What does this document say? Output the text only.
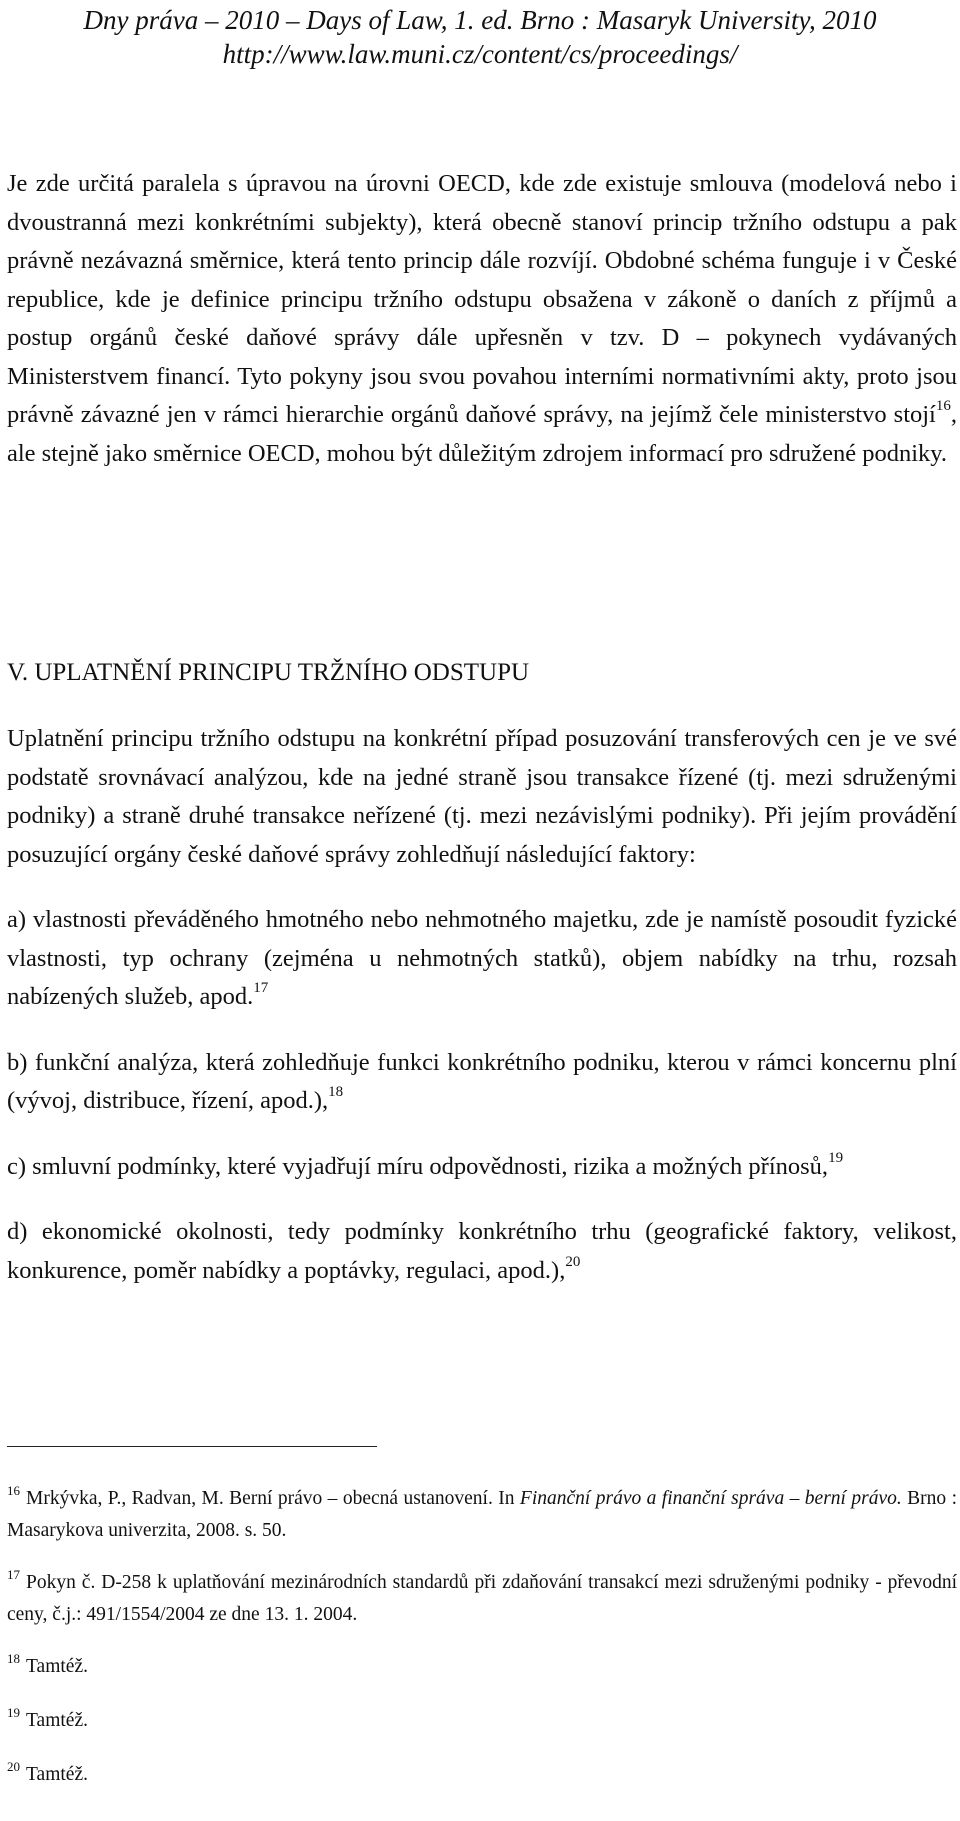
Dny práva – 2010 – Days of Law, 1. ed. Brno : Masaryk University, 2010
http://www.law.muni.cz/content/cs/proceedings/

Je zde určitá paralela s úpravou na úrovni OECD, kde zde existuje smlouva (modelová nebo i dvoustranná mezi konkrétními subjekty), která obecně stanoví princip tržního odstupu a pak právně nezávazná směrnice, která tento princip dále rozvíjí. Obdobné schéma funguje i v České republice, kde je definice principu tržního odstupu obsažena v zákoně o daních z příjmů a postup orgánů české daňové správy dále upřesněn v tzv. D – pokynech vydávaných Ministerstvem financí. Tyto pokyny jsou svou povahou interními normativními akty, proto jsou právně závazné jen v rámci hierarchie orgánů daňové správy, na jejímž čele ministerstvo stojí$^{16}$, ale stejně jako směrnice OECD, mohou být důležitým zdrojem informací pro sdružené podniky.

V. UPLATNĚNÍ PRINCIPU TRŽNÍHO ODSTUPU

Uplatnění principu tržního odstupu na konkrétní případ posuzování transferových cen je ve své podstatě srovnávací analýzou, kde na jedné straně jsou transakce řízené (tj. mezi sdruženými podniky) a straně druhé transakce neřízené (tj. mezi nezávislými podniky). Při jejím provádění posuzující orgány české daňové správy zohledňují následující faktory:

a) vlastnosti převáděného hmotného nebo nehmotného majetku, zde je namístě posoudit fyzické vlastnosti, typ ochrany (zejména u nehmotných statků), objem nabídky na trhu, rozsah nabízených služeb, apod.$^{17}$

b) funkční analýza, která zohledňuje funkci konkrétního podniku, kterou v rámci koncernu plní (vývoj, distribuce, řízení, apod.),$^{18}$

c) smluvní podmínky, které vyjadřují míru odpovědnosti, rizika a možných přínosů,$^{19}$

d) ekonomické okolnosti, tedy podmínky konkrétního trhu (geografické faktory, velikost, konkurence, poměr nabídky a poptávky, regulaci, apod.),$^{20}$

$^{16}$ Mrkývka, P., Radvan, M. Berní právo – obecná ustanovení. In Finanční právo a finanční správa – berní právo. Brno : Masarykova univerzita, 2008. s. 50.

$^{17}$ Pokyn č. D-258 k uplatňování mezinárodních standardů při zdaňování transakcí mezi sdruženými podniky - převodní ceny, č.j.: 491/1554/2004 ze dne 13. 1. 2004.

$^{18}$ Tamtéž.

$^{19}$ Tamtéž.

$^{20}$ Tamtéž.
